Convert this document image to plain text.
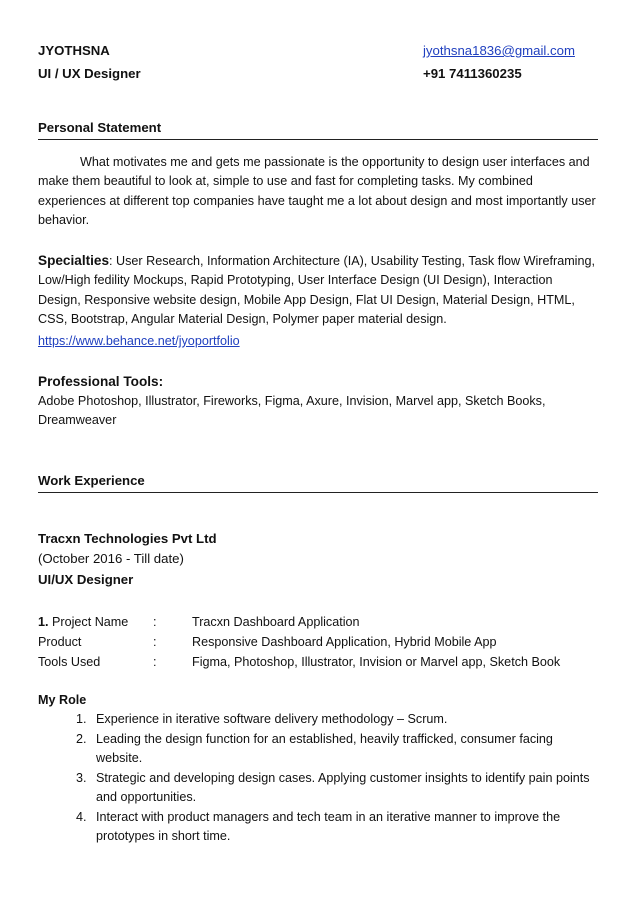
JYOTHSNA	jyothsna1836@gmail.com
UI / UX Designer	+91 7411360235
Personal Statement
What motivates me and gets me passionate is the opportunity to design user interfaces and make them beautiful to look at, simple to use and fast for completing tasks. My combined experiences at different top companies have taught me a lot about design and most importantly user behavior.
Specialties: User Research, Information Architecture (IA), Usability Testing, Task flow Wireframing, Low/High fedility Mockups, Rapid Prototyping, User Interface Design (UI Design), Interaction Design, Responsive website design, Mobile App Design, Flat UI Design, Material Design, HTML, CSS, Bootstrap, Angular Material Design, Polymer paper material design.
https://www.behance.net/jyoportfolio
Professional Tools:
Adobe Photoshop, Illustrator, Fireworks, Figma, Axure, Invision, Marvel app, Sketch Books, Dreamweaver
Work Experience
Tracxn Technologies Pvt Ltd
(October 2016 - Till date)
UI/UX Designer
1. Project Name :	Tracxn Dashboard Application
Product	:	Responsive Dashboard Application, Hybrid Mobile App
Tools Used	:	Figma, Photoshop, Illustrator, Invision or Marvel app, Sketch Book
My Role
1. Experience in iterative software delivery methodology – Scrum.
2. Leading the design function for an established, heavily trafficked, consumer facing website.
3. Strategic and developing design cases. Applying customer insights to identify pain points and opportunities.
4. Interact with product managers and tech team in an iterative manner to improve the prototypes in short time.
